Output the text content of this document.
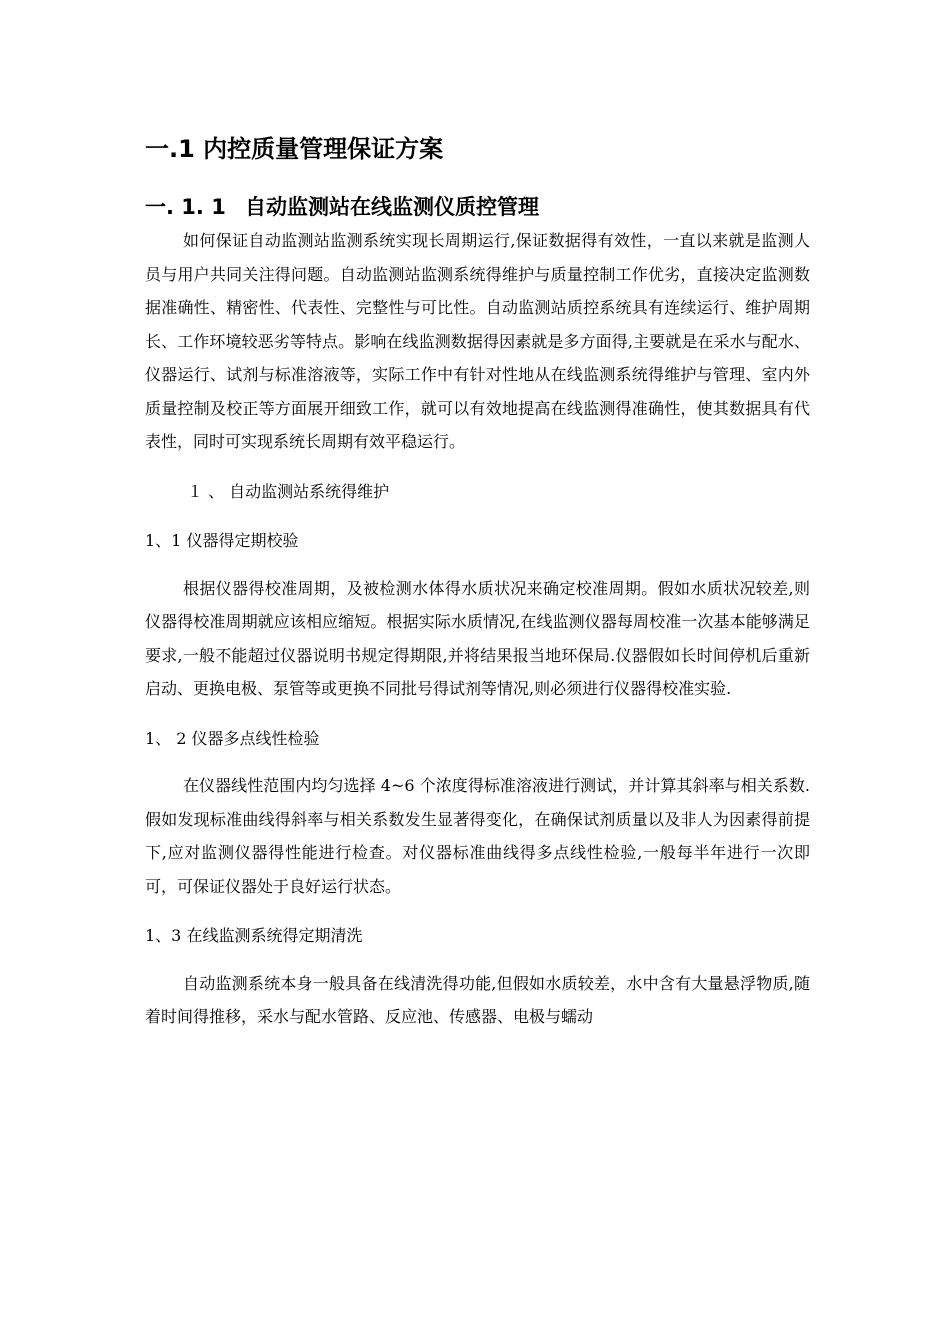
一.1 内控质量管理保证方案
一. 1. 1 自动监测站在线监测仪质控管理

如何保证自动监测站监测系统实现长周期运行,保证数据得有效性，一直以来就是监测人员与用户共同关注得问题。自动监测站监测系统得维护与质量控制工作优劣，直接决定监测数据准确性、精密性、代表性、完整性与可比性。自动监测站质控系统具有连续运行、维护周期长、工作环境较恶劣等特点。影响在线监测数据得因素就是多方面得,主要就是在采水与配水、仪器运行、试剂与标准溶液等，实际工作中有针对性地从在线监测系统得维护与管理、室内外质量控制及校正等方面展开细致工作，就可以有效地提高在线监测得准确性，使其数据具有代表性，同时可实现系统长周期有效平稳运行。

１ 、 自动监测站系统得维护

1、1 仪器得定期校验

根据仪器得校准周期，及被检测水体得水质状况来确定校准周期。假如水质状况较差,则仪器得校准周期就应该相应缩短。根据实际水质情况,在线监测仪器每周校准一次基本能够满足要求,一般不能超过仪器说明书规定得期限,并将结果报当地环保局.仪器假如长时间停机后重新启动、更换电极、泵管等或更换不同批号得试剂等情况,则必须进行仪器得校准实验.

1、 2 仪器多点线性检验

在仪器线性范围内均匀选择 4~6 个浓度得标准溶液进行测试，并计算其斜率与相关系数.假如发现标准曲线得斜率与相关系数发生显著得变化，在确保试剂质量以及非人为因素得前提下,应对监测仪器得性能进行检查。对仪器标准曲线得多点线性检验,一般每半年进行一次即可，可保证仪器处于良好运行状态。

1、3 在线监测系统得定期清洗

自动监测系统本身一般具备在线清洗得功能,但假如水质较差，水中含有大量悬浮物质,随着时间得推移，采水与配水管路、反应池、传感器、电极与蠕动
